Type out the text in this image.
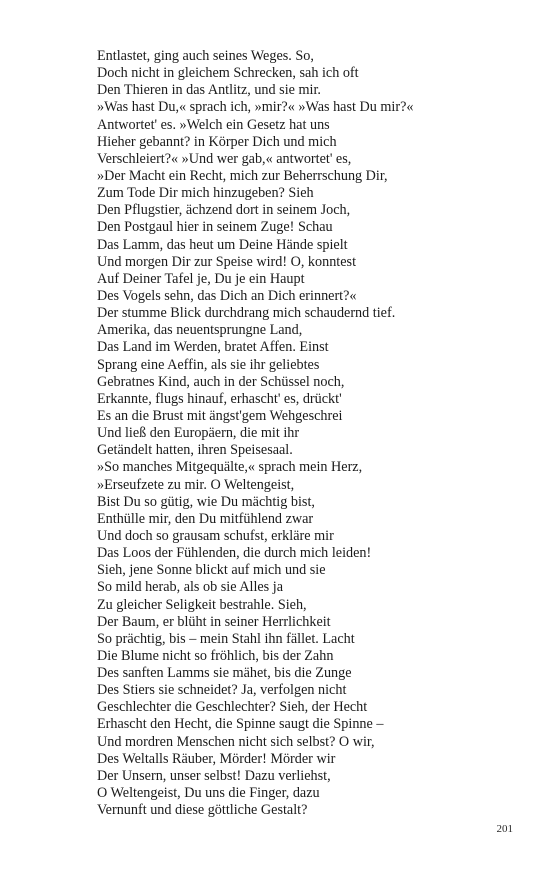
Entlastet, ging auch seines Weges. So,
Doch nicht in gleichem Schrecken, sah ich oft
Den Thieren in das Antlitz, und sie mir.
»Was hast Du,« sprach ich, »mir?« »Was hast Du mir?«
Antwortet' es. »Welch ein Gesetz hat uns
Hieher gebannt? in Körper Dich und mich
Verschleiert?« »Und wer gab,« antwortet' es,
»Der Macht ein Recht, mich zur Beherrschung Dir,
Zum Tode Dir mich hinzugeben? Sieh
Den Pflugstier, ächzend dort in seinem Joch,
Den Postgaul hier in seinem Zuge! Schau
Das Lamm, das heut um Deine Hände spielt
Und morgen Dir zur Speise wird! O, konntest
Auf Deiner Tafel je, Du je ein Haupt
Des Vogels sehn, das Dich an Dich erinnert?«
Der stumme Blick durchdrang mich schaudernd tief.
Amerika, das neuentsprungne Land,
Das Land im Werden, bratet Affen. Einst
Sprang eine Aeffin, als sie ihr geliebtes
Gebratnes Kind, auch in der Schüssel noch,
Erkannte, flugs hinauf, erhascht' es, drückt'
Es an die Brust mit ängst'gem Wehgeschrei
Und ließ den Europäern, die mit ihr
Getändelt hatten, ihren Speisesaal.
»So manches Mitgequälte,« sprach mein Herz,
»Erseufzete zu mir. O Weltengeist,
Bist Du so gütig, wie Du mächtig bist,
Enthülle mir, den Du mitfühlend zwar
Und doch so grausam schufst, erkläre mir
Das Loos der Fühlenden, die durch mich leiden!
Sieh, jene Sonne blickt auf mich und sie
So mild herab, als ob sie Alles ja
Zu gleicher Seligkeit bestrahle. Sieh,
Der Baum, er blüht in seiner Herrlichkeit
So prächtig, bis – mein Stahl ihn fället. Lacht
Die Blume nicht so fröhlich, bis der Zahn
Des sanften Lamms sie mähet, bis die Zunge
Des Stiers sie schneidet? Ja, verfolgen nicht
Geschlechter die Geschlechter? Sieh, der Hecht
Erhascht den Hecht, die Spinne saugt die Spinne –
Und mordren Menschen nicht sich selbst? O wir,
Des Weltalls Räuber, Mörder! Mörder wir
Der Unsern, unser selbst! Dazu verliehst,
O Weltengeist, Du uns die Finger, dazu
Vernunft und diese göttliche Gestalt?
201
